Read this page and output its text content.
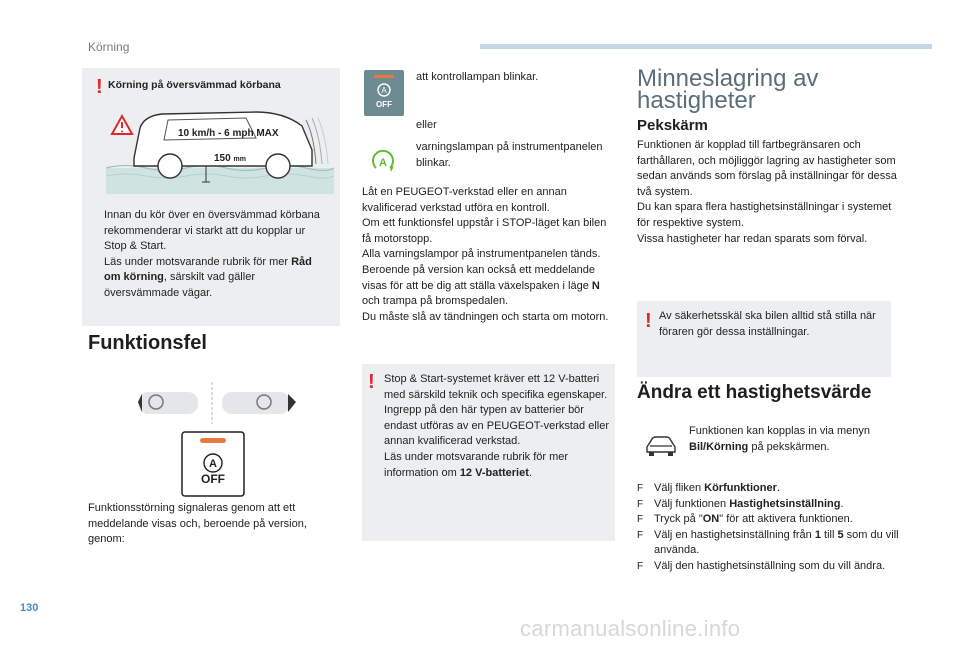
Körning
! Körning på översvämmad körbana
10 km/h - 6 mph MAX
150 mm
Innan du kör över en översvämmad körbana rekommenderar vi starkt att du kopplar ur Stop & Start.
Läs under motsvarande rubrik för mer Råd om körning, särskilt vad gäller översvämmade vägar.
Funktionsfel
A
OFF
Funktionsstörning signaleras genom att ett meddelande visas och, beroende på version, genom:
A
OFF
att kontrollampan blinkar.
eller
A
varningslampan på instrumentpanelen blinkar.
Låt en PEUGEOT-verkstad eller en annan kvalificerad verkstad utföra en kontroll.
Om ett funktionsfel uppstår i STOP-läget kan bilen få motorstopp.
Alla varningslampor på instrumentpanelen tänds.
Beroende på version kan också ett meddelande visas för att be dig att ställa växelspaken i läge N och trampa på bromspedalen.
Du måste slå av tändningen och starta om motorn.
! Stop & Start-systemet kräver ett 12 V-batteri med särskild teknik och specifika egenskaper.
Ingrepp på den här typen av batterier bör endast utföras av en PEUGEOT-verkstad eller annan kvalificerad verkstad.
Läs under motsvarande rubrik för mer information om 12 V-batteriet.
Minneslagring av hastigheter
Pekskärm
Funktionen är kopplad till fartbegränsaren och farthållaren, och möjliggör lagring av hastigheter som sedan används som förslag på inställningar för dessa två system.
Du kan spara flera hastighetsinställningar i systemet för respektive system.
Vissa hastigheter har redan sparats som förval.
! Av säkerhetsskäl ska bilen alltid stå stilla när föraren gör dessa inställningar.
Ändra ett hastighetsvärde
Funktionen kan kopplas in via menyn Bil/Körning på pekskärmen.
F Välj fliken Körfunktioner.
F Välj funktionen Hastighetsinställning.
F Tryck på "ON" för att aktivera funktionen.
F Välj en hastighetsinställning från 1 till 5 som du vill använda.
F Välj den hastighetsinställning som du vill ändra.
130
carmanualsonline.info
